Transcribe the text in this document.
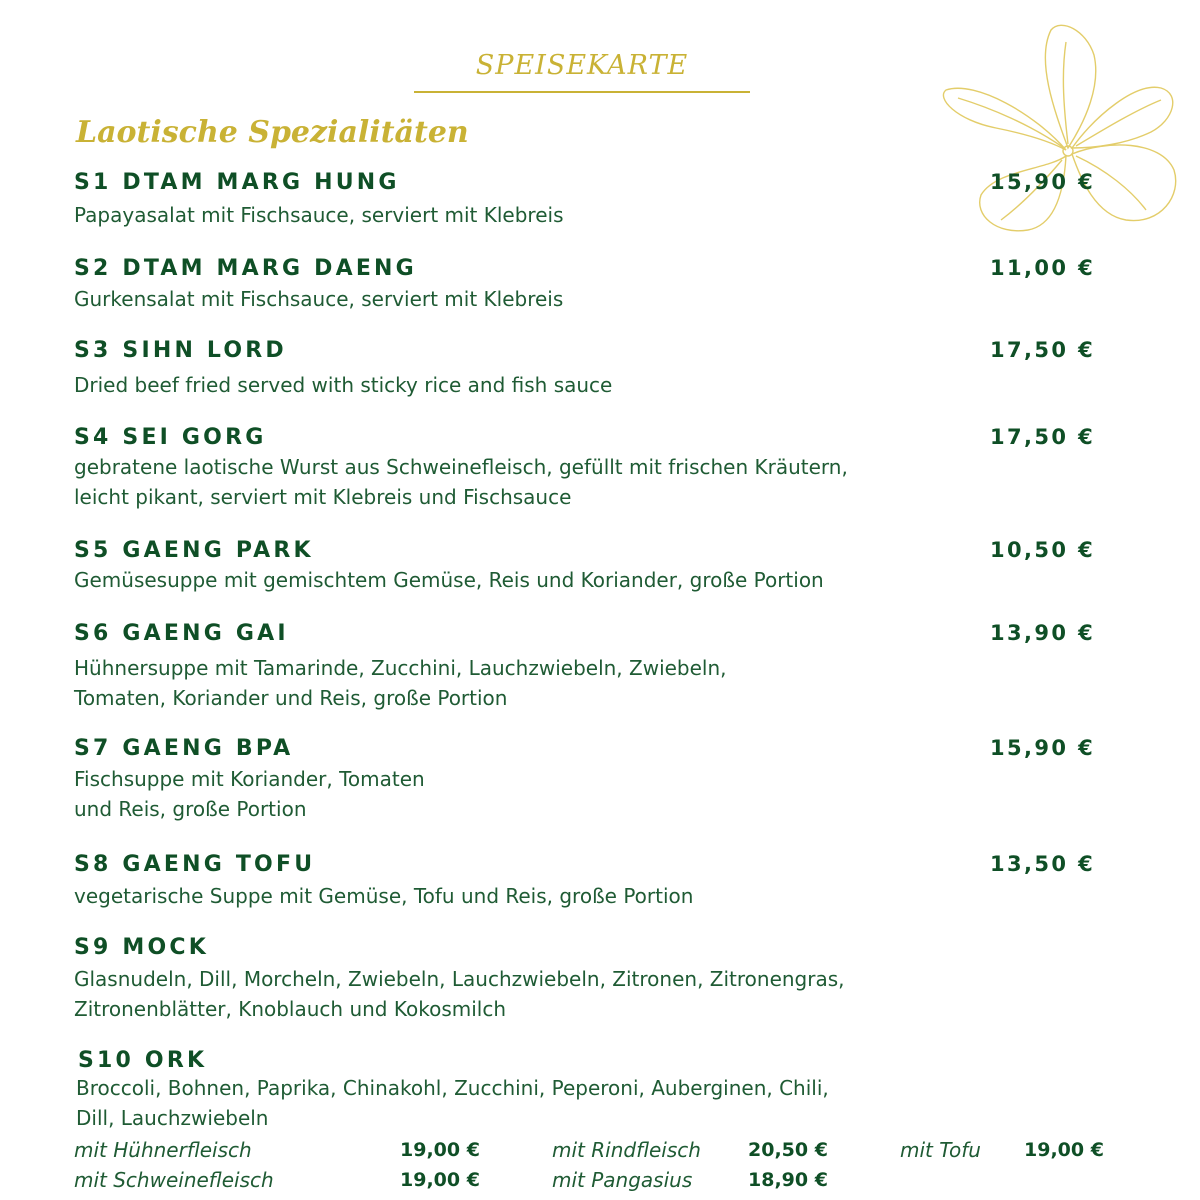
SPEISEKARTE
Laotische Spezialitäten
S1 DTAM MARG HUNG	15,90 €
Papayasalat mit Fischsauce, serviert mit Klebreis
S2 DTAM MARG DAENG	11,00 €
Gurkensalat mit Fischsauce, serviert mit Klebreis
S3 SIHN LORD	17,50 €
Dried beef fried served with sticky rice and fish sauce
S4 SEI GORG	17,50 €
gebratene laotische Wurst aus Schweinefleisch, gefüllt mit frischen Kräutern,
leicht pikant, serviert mit Klebreis und Fischsauce
S5 GAENG PARK	10,50 €
Gemüsesuppe mit gemischtem Gemüse, Reis und Koriander, große Portion
S6 GAENG GAI	13,90 €
Hühnersuppe mit Tamarinde, Zucchini, Lauchzwiebeln, Zwiebeln,
Tomaten, Koriander und Reis, große Portion
S7 GAENG BPA	15,90 €
Fischsuppe mit Koriander, Tomaten
und Reis, große Portion
S8 GAENG TOFU	13,50 €
vegetarische Suppe mit Gemüse, Tofu und Reis, große Portion
S9 MOCK
Glasnudeln, Dill, Morcheln, Zwiebeln, Lauchzwiebeln, Zitronen, Zitronengras,
Zitronenblätter, Knoblauch und Kokosmilch
S10 ORK
Broccoli, Bohnen, Paprika, Chinakohl, Zucchini, Peperoni, Auberginen, Chili,
Dill, Lauchzwiebeln
mit Hühnerfleisch	19,00 €	mit Rindfleisch 20,50 €	mit Tofu 19,00 €
mit Schweinefleisch	19,00 €	mit Pangasius	18,90 €
